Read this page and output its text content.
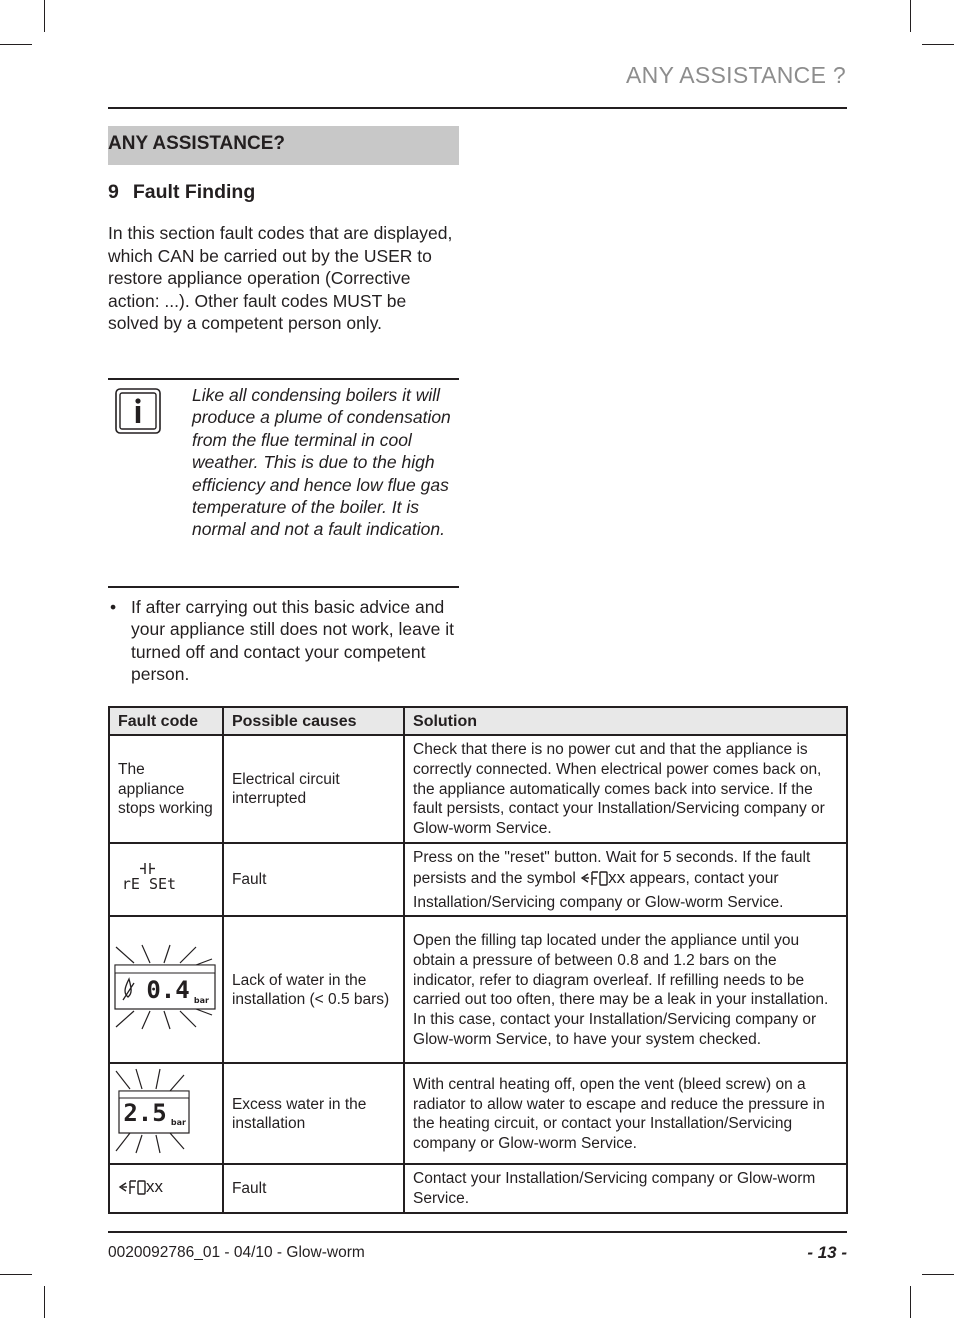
ANY ASSISTANCE ?
ANY ASSISTANCE?
9 Fault Finding

In this section fault codes that are displayed, which CAN be carried out by the USER to restore appliance operation (Corrective action: ...). Other fault codes MUST be solved by a competent person only.

Like all condensing boilers it will produce a plume of condensation from the flue terminal in cool weather. This is due to the high efficiency and hence low flue gas temperature of the boiler. It is normal and not a fault indication.

• If after carrying out this basic advice and your appliance still does not work, leave it turned off and contact your competent person.
Fault code	Possible causes	Solution
The appliance stops working	Electrical circuit interrupted	Check that there is no power cut and that the appliance is correctly connected. When electrical power comes back on, the appliance automatically comes back into service. If the fault persists, contact your Installation/Servicing company or Glow-worm Service.

rE SEt	Fault	Press on the "reset" button. Wait for 5 seconds. If the fault persists and the symbol xx appears, contact your Installation/Servicing company or Glow-worm Service.

0.4 bar	Lack of water in the installation (< 0.5 bars)	Open the filling tap located under the appliance until you obtain a pressure of between 0.8 and 1.2 bars on the indicator, refer to diagram overleaf. If refilling needs to be carried out too often, there may be a leak in your installation. In this case, contact your Installation/Servicing company or Glow-worm Service, to have your system checked.

2.5 bar	Excess water in the installation	With central heating off, open the vent (bleed screw) on a radiator to allow water to escape and reduce the pressure in the heating circuit, or contact your Installation/Servicing company or Glow-worm Service.
xx	Fault	Contact your Installation/Servicing company or Glow-worm Service.
0020092786_01 - 04/10 - Glow-worm	- 13 -
